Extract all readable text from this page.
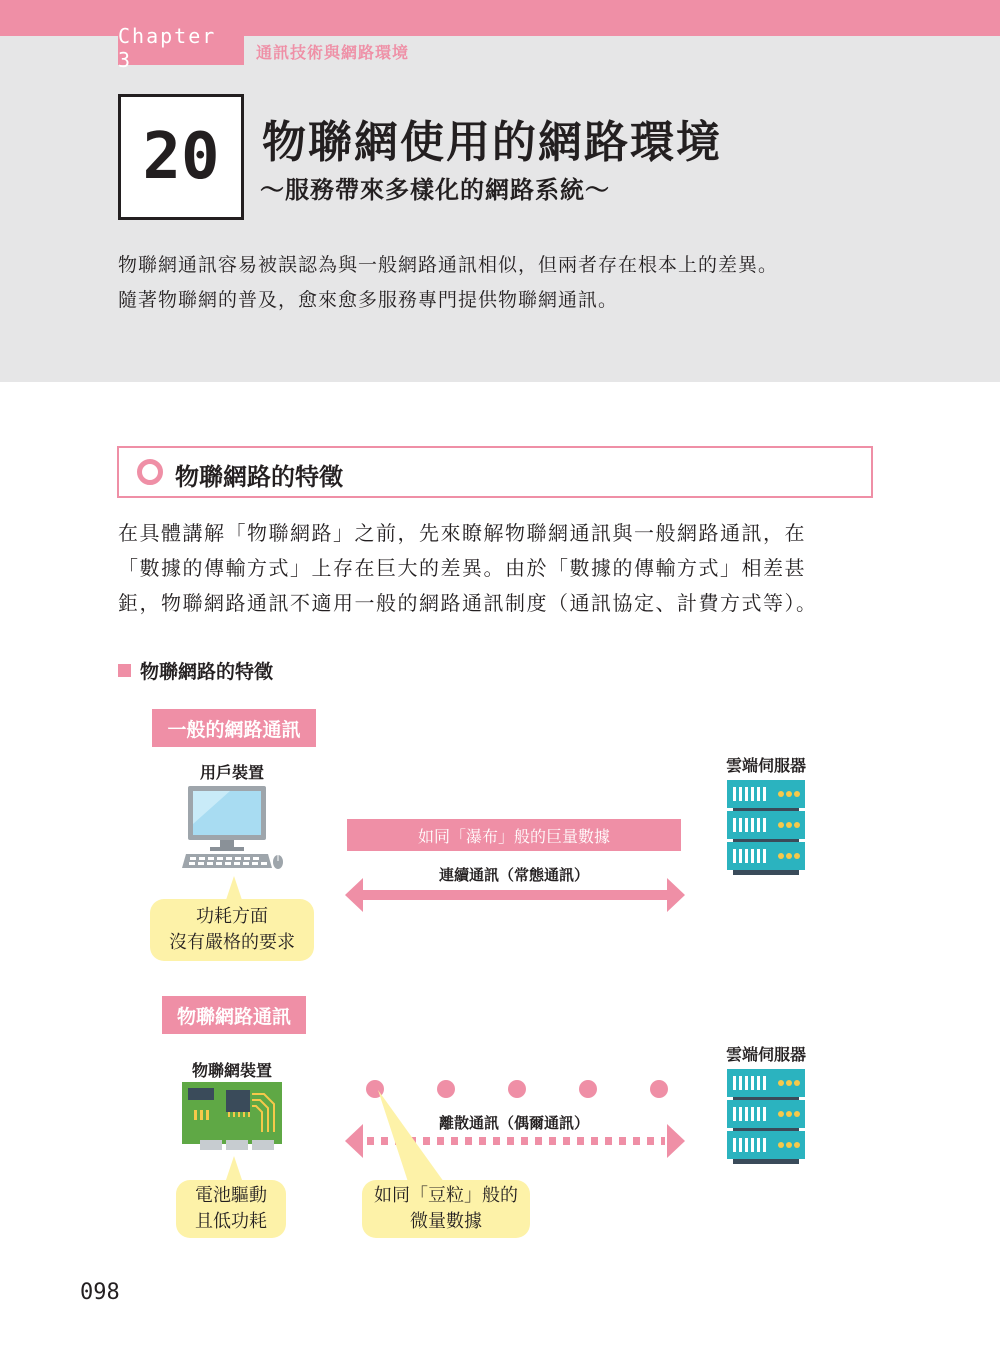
Chapter 3	通訊技術與網路環境
20 物聯網使用的網路環境
～服務帶來多樣化的網路系統～

物聯網通訊容易被誤認為與一般網路通訊相似，但兩者存在根本上的差異。

隨著物聯網的普及，愈來愈多服務專門提供物聯網通訊。

物聯網路的特徵

在具體講解「物聯網路」之前，先來瞭解物聯網通訊與一般網路通訊，在

「數據的傳輸方式」上存在巨大的差異。由於「數據的傳輸方式」相差甚

鉅，物聯網路通訊不適用一般的網路通訊制度（通訊協定、計費方式等）。

物聯網路的特徵
一般的網路通訊
用戶裝置
功耗方面
沒有嚴格的要求
如同「瀑布」般的巨量數據
連續通訊（常態通訊）
雲端伺服器
物聯網路通訊
物聯網裝置
電池驅動
且低功耗
離散通訊（偶爾通訊）
如同「豆粒」般的
微量數據
雲端伺服器
098
